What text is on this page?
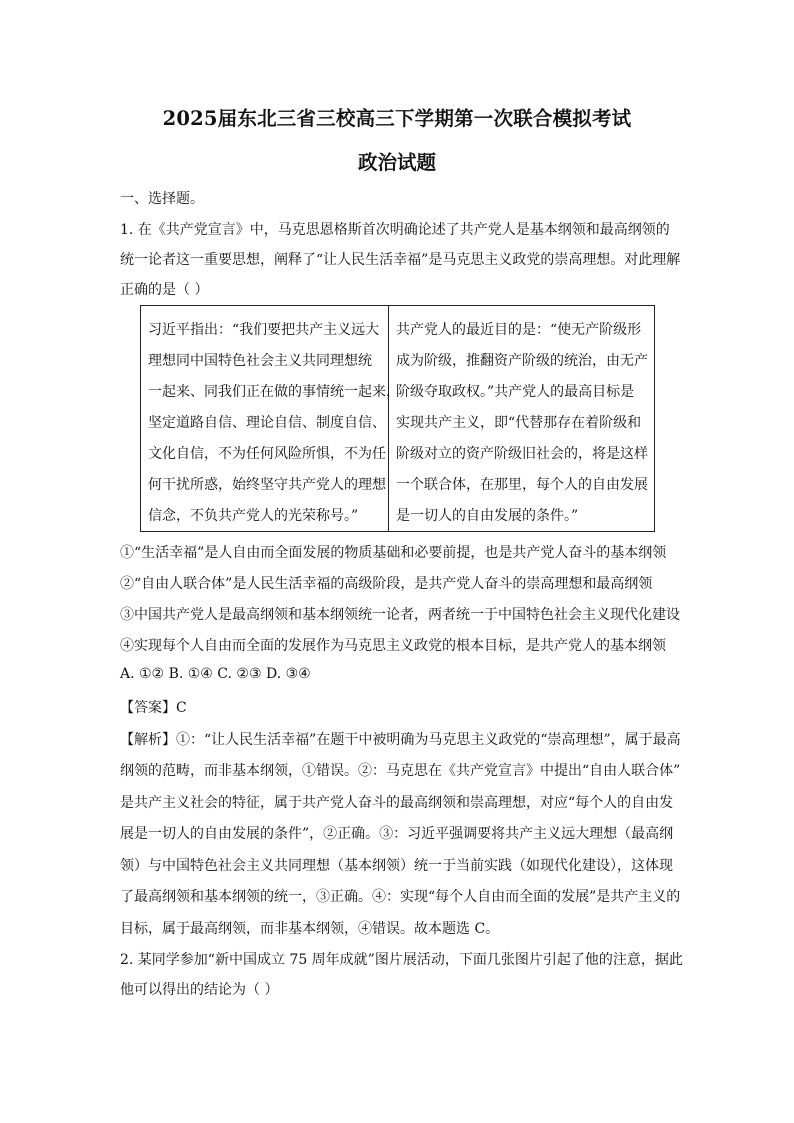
2025届东北三省三校高三下学期第一次联合模拟考试
政治试题
一、选择题。
1. 在《共产党宣言》中，马克思恩格斯首次明确论述了共产党人是基本纲领和最高纲领的
统一论者这一重要思想，阐释了“让人民生活幸福”是马克思主义政党的崇高理想。对此理解
正确的是（ ）
习近平指出：“我们要把共产主义远大
理想同中国特色社会主义共同理想统
一起来、同我们正在做的事情统一起来，
坚定道路自信、理论自信、制度自信、
文化自信，不为任何风险所惧，不为任
何干扰所惑，始终坚守共产党人的理想
信念，不负共产党人的光荣称号。”
共产党人的最近目的是：“使无产阶级形
成为阶级，推翻资产阶级的统治，由无产
阶级夺取政权。”共产党人的最高目标是
实现共产主义，即“代替那存在着阶级和
阶级对立的资产阶级旧社会的，将是这样
一个联合体，在那里，每个人的自由发展
是一切人的自由发展的条件。”
①“生活幸福”是人自由而全面发展的物质基础和必要前提，也是共产党人奋斗的基本纲领
②“自由人联合体”是人民生活幸福的高级阶段，是共产党人奋斗的崇高理想和最高纲领
③中国共产党人是最高纲领和基本纲领统一论者，两者统一于中国特色社会主义现代化建设
④实现每个人自由而全面的发展作为马克思主义政党的根本目标，是共产党人的基本纲领
A. ①② B. ①④ C. ②③ D. ③④
【答案】C
【解析】①：“让人民生活幸福”在题干中被明确为马克思主义政党的“崇高理想”，属于最高
纲领的范畴，而非基本纲领，①错误。②：马克思在《共产党宣言》中提出“自由人联合体”
是共产主义社会的特征，属于共产党人奋斗的最高纲领和崇高理想，对应“每个人的自由发
展是一切人的自由发展的条件”，②正确。③：习近平强调要将共产主义远大理想（最高纲
领）与中国特色社会主义共同理想（基本纲领）统一于当前实践（如现代化建设），这体现
了最高纲领和基本纲领的统一，③正确。④：实现“每个人自由而全面的发展”是共产主义的
目标，属于最高纲领，而非基本纲领，④错误。故本题选 C。
2. 某同学参加“新中国成立 75 周年成就”图片展活动，下面几张图片引起了他的注意，据此
他可以得出的结论为（ ）
